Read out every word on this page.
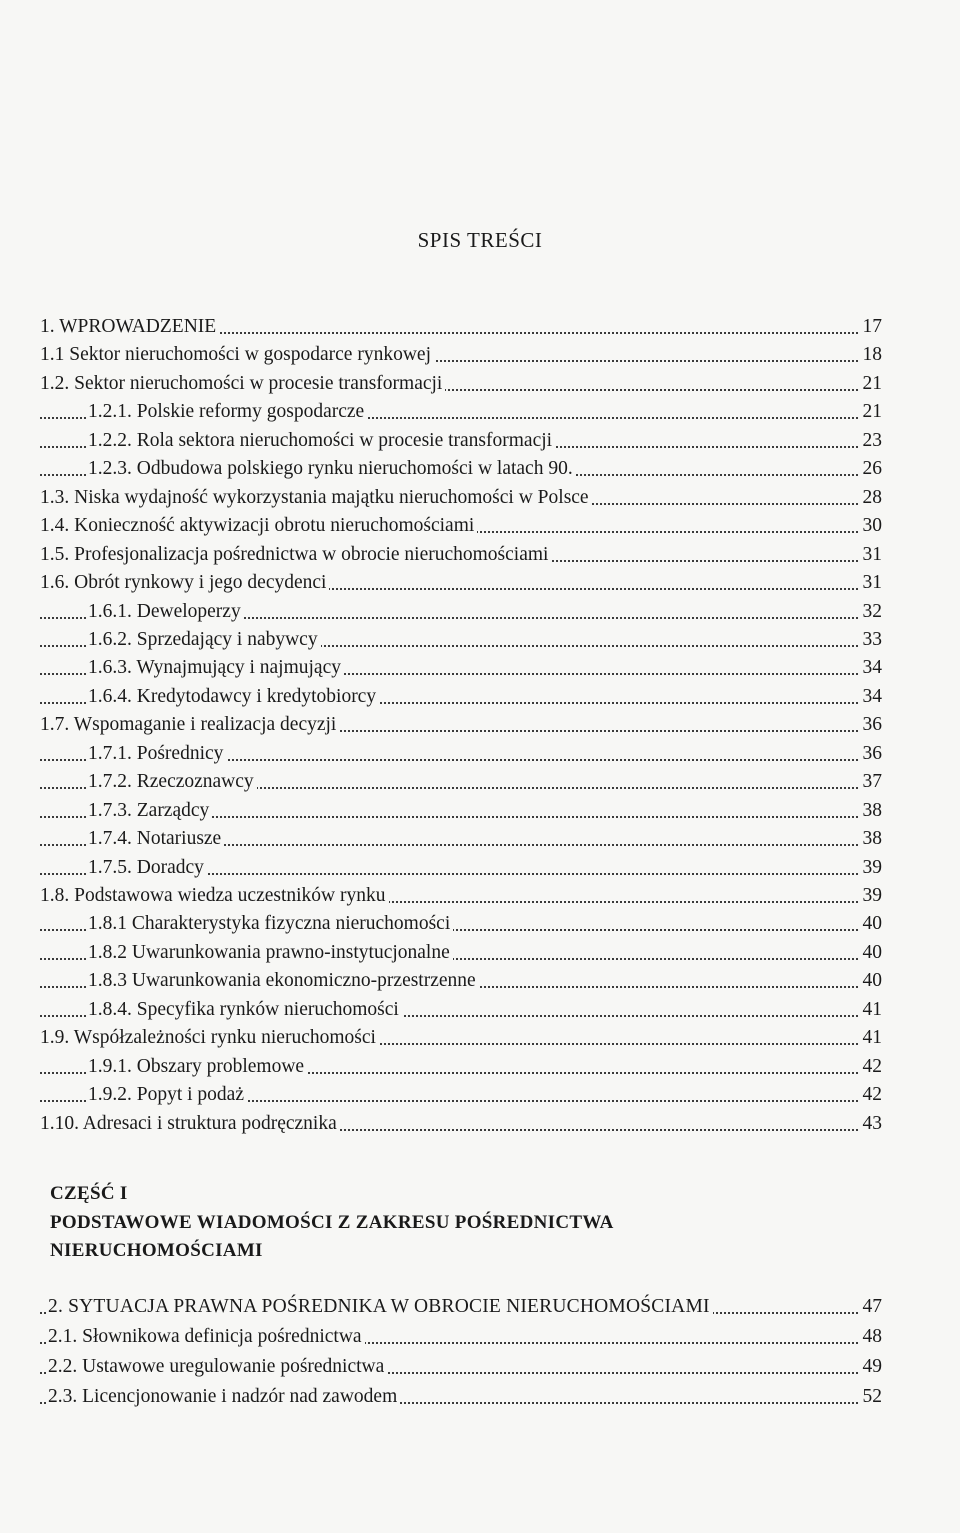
SPIS TREŚCI
1. WPROWADZENIE	17
1.1 Sektor nieruchomości w gospodarce rynkowej	18
1.2. Sektor nieruchomości w procesie transformacji	21
1.2.1. Polskie reformy gospodarcze	21
1.2.2. Rola sektora nieruchomości w procesie transformacji	23
1.2.3. Odbudowa polskiego rynku nieruchomości w latach 90.	26
1.3. Niska wydajność wykorzystania majątku nieruchomości w Polsce	28
1.4. Konieczność aktywizacji obrotu nieruchomościami	30
1.5. Profesjonalizacja pośrednictwa w obrocie nieruchomościami	31
1.6. Obrót rynkowy i jego decydenci	31
1.6.1. Deweloperzy	32
1.6.2. Sprzedający i nabywcy	33
1.6.3. Wynajmujący i najmujący	34
1.6.4. Kredytodawcy i kredytobiorcy	34
1.7. Wspomaganie i realizacja decyzji	36
1.7.1. Pośrednicy	36
1.7.2. Rzeczoznawcy	37
1.7.3. Zarządcy	38
1.7.4. Notariusze	38
1.7.5. Doradcy	39
1.8. Podstawowa wiedza uczestników rynku	39
1.8.1 Charakterystyka fizyczna nieruchomości	40
1.8.2 Uwarunkowania prawno-instytucjonalne	40
1.8.3 Uwarunkowania ekonomiczno-przestrzenne	40
1.8.4. Specyfika rynków nieruchomości	41
1.9. Współzależności rynku nieruchomości	41
1.9.1. Obszary problemowe	42
1.9.2. Popyt i podaż	42
1.10. Adresaci i struktura podręcznika	43
CZĘŚĆ I
PODSTAWOWE WIADOMOŚCI Z ZAKRESU POŚREDNICTWA
NIERUCHOMOŚCIAMI
2. SYTUACJA PRAWNA POŚREDNIKA W OBROCIE NIERUCHOMOŚCIAMI	47
2.1. Słownikowa definicja pośrednictwa	48
2.2. Ustawowe uregulowanie pośrednictwa	49
2.3. Licencjonowanie i nadzór nad zawodem	52
